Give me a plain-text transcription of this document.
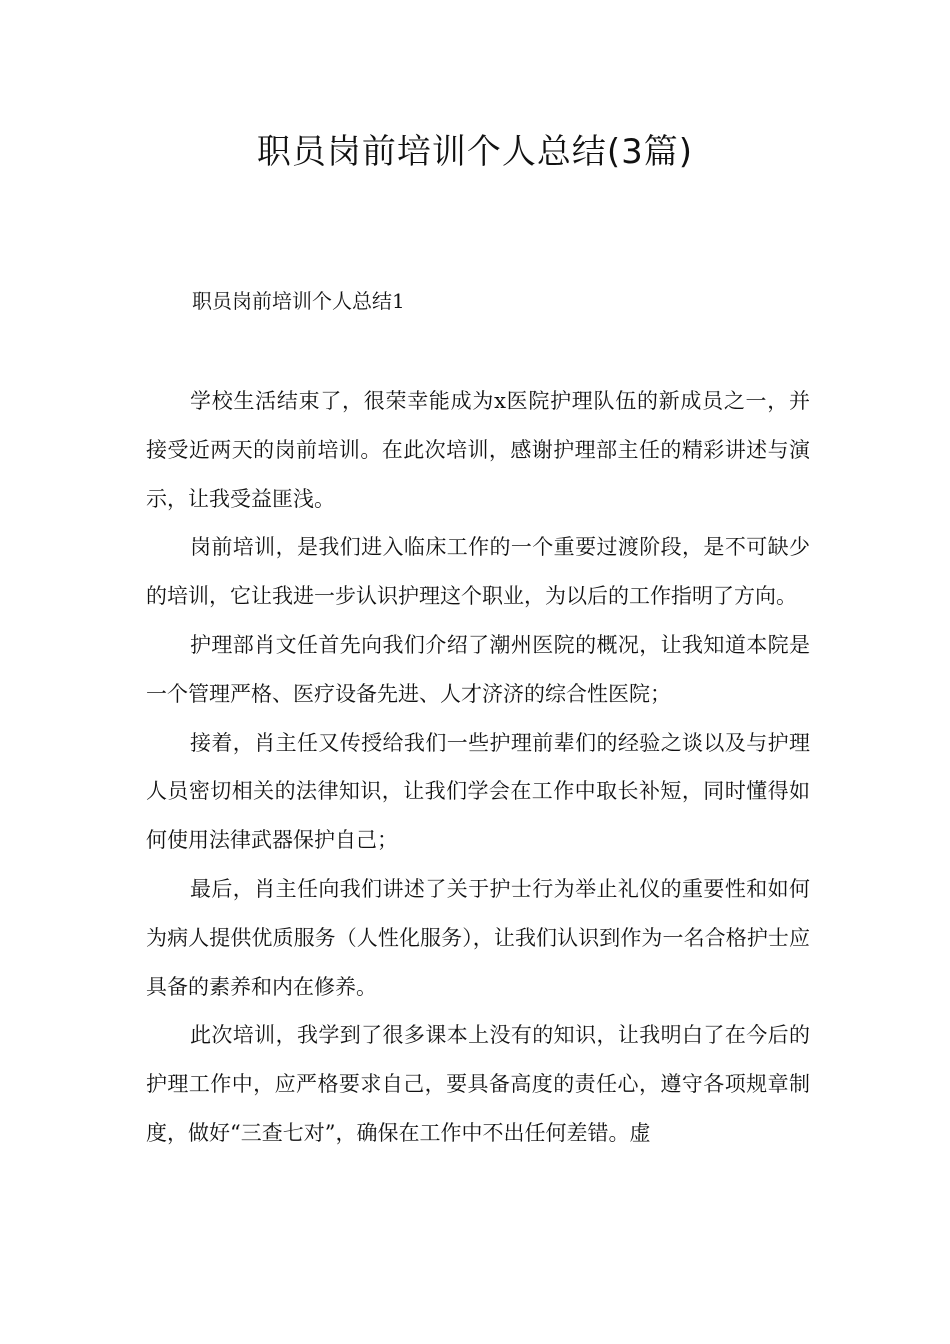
职员岗前培训个人总结(3篇)
职员岗前培训个人总结1

学校生活结束了，很荣幸能成为x医院护理队伍的新成员之一，并接受近两天的岗前培训。在此次培训，感谢护理部主任的精彩讲述与演示，让我受益匪浅。

岗前培训，是我们进入临床工作的一个重要过渡阶段，是不可缺少的培训，它让我进一步认识护理这个职业，为以后的工作指明了方向。

护理部肖文任首先向我们介绍了潮州医院的概况，让我知道本院是一个管理严格、医疗设备先进、人才济济的综合性医院；

接着，肖主任又传授给我们一些护理前辈们的经验之谈以及与护理人员密切相关的法律知识，让我们学会在工作中取长补短，同时懂得如何使用法律武器保护自己；

最后，肖主任向我们讲述了关于护士行为举止礼仪的重要性和如何为病人提供优质服务（人性化服务），让我们认识到作为一名合格护士应具备的素养和内在修养。

此次培训，我学到了很多课本上没有的知识，让我明白了在今后的护理工作中，应严格要求自己，要具备高度的责任心，遵守各项规章制度，做好“三查七对”，确保在工作中不出任何差错。虚
